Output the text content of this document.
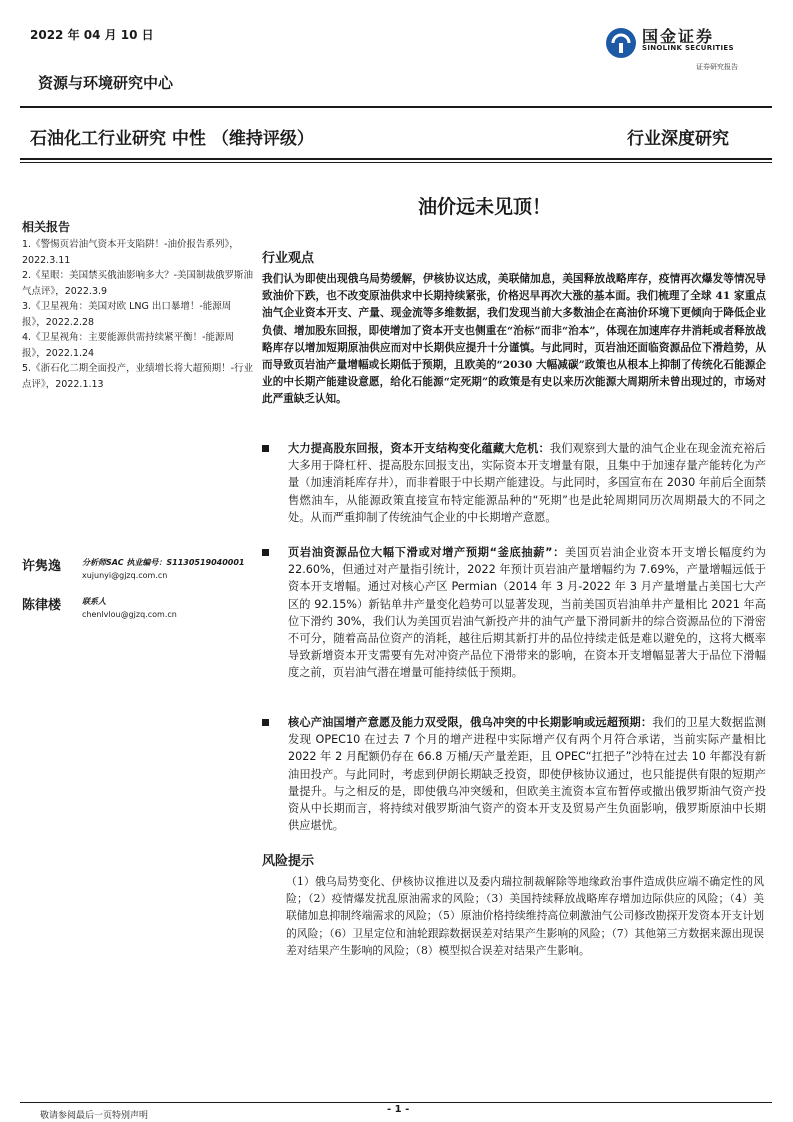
2022 年 04 月 10 日	国金证券
SINOLINK SECURITIES
证券研究报告
资源与环境研究中心
石油化工行业研究 中性 （维持评级）	行业深度研究
油价远未见顶！
相关报告
1.《警惕页岩油气资本开支陷阱！-油价报告系列》，2022.3.11
2.《星眼：美国禁买俄油影响多大？-美国制裁俄罗斯油气点评》，2022.3.9
3.《卫星视角：美国对欧 LNG 出口暴增！-能源周报》，2022.2.28
4.《卫星视角：主要能源供需持续紧平衡！-能源周报》，2022.1.24
5.《浙石化二期全面投产，业绩增长将大超预期！-行业点评》，2022.1.13
许隽逸	分析师SAC 执业编号：S1130519040001
xujunyi@gjzq.com.cn
陈律楼	联系人
chenlvlou@gjzq.com.cn
行业观点
我们认为即使出现俄乌局势缓解，伊核协议达成，美联储加息，美国释放战略库存，疫情再次爆发等情况导致油价下跌，也不改变原油供求中长期持续紧张，价格迟早再次大涨的基本面。我们梳理了全球 41 家重点油气企业资本开支、产量、现金流等多维数据，我们发现当前大多数油企在高油价环境下更倾向于降低企业负债、增加股东回报，即使增加了资本开支也侧重在“治标”而非“治本”，体现在加速库存井消耗或者释放战略库存以增加短期原油供应而对中长期供应提升十分谨慎。与此同时，页岩油还面临资源品位下滑趋势，从而导致页岩油产量增幅或长期低于预期，且欧美的“2030 大幅减碳”政策也从根本上抑制了传统化石能源企业的中长期产能建设意愿，给化石能源“定死期”的政策是有史以来历次能源大周期所未曾出现过的，市场对此严重缺乏认知。
大力提高股东回报，资本开支结构变化蕴藏大危机：我们观察到大量的油气企业在现金流充裕后大多用于降杠杆、提高股东回报支出，实际资本开支增量有限，且集中于加速存量产能转化为产量（加速消耗库存井），而非着眼于中长期产能建设。与此同时，多国宣布在 2030 年前后全面禁售燃油车，从能源政策直接宣布特定能源品种的“死期”也是此轮周期同历次周期最大的不同之处。从而严重抑制了传统油气企业的中长期增产意愿。
页岩油资源品位大幅下滑或对增产预期“釜底抽薪”：美国页岩油企业资本开支增长幅度约为 22.60%，但通过对产量指引统计，2022 年预计页岩油产量增幅约为 7.69%，产量增幅远低于资本开支增幅。通过对核心产区 Permian（2014 年 3 月-2022 年 3 月产量增量占美国七大产区的 92.15%）新钻单井产量变化趋势可以显著发现，当前美国页岩油单井产量相比 2021 年高位下滑约 30%，我们认为美国页岩油气新投产井的油气产量下滑同新井的综合资源品位的下滑密不可分，随着高品位资产的消耗，越往后期其新打井的品位持续走低是难以避免的，这将大概率导致新增资本开支需要有先对冲资产品位下滑带来的影响，在资本开支增幅显著大于品位下滑幅度之前，页岩油气潜在增量可能持续低于预期。
核心产油国增产意愿及能力双受限，俄乌冲突的中长期影响或远超预期：我们的卫星大数据监测发现 OPEC10 在过去 7 个月的增产进程中实际增产仅有两个月符合承诺，当前实际产量相比 2022 年 2 月配额仍存在 66.8 万桶/天产量差距，且 OPEC“扛把子”沙特在过去 10 年都没有新油田投产。与此同时，考虑到伊朗长期缺乏投资，即使伊核协议通过，也只能提供有限的短期产量提升。与之相反的是，即使俄乌冲突缓和，但欧美主流资本宣布暂停或撤出俄罗斯油气资产投资从中长期而言，将持续对俄罗斯油气资产的资本开支及贸易产生负面影响，俄罗斯原油中长期供应堪忧。
风险提示
（1）俄乌局势变化、伊核协议推进以及委内瑞拉制裁解除等地缘政治事件造成供应端不确定性的风险；（2）疫情爆发扰乱原油需求的风险；（3）美国持续释放战略库存增加边际供应的风险；（4）美联储加息抑制终端需求的风险；（5）原油价格持续维持高位刺激油气公司修改勘探开发资本开支计划的风险；（6）卫星定位和油轮跟踪数据误差对结果产生影响的风险；（7）其他第三方数据来源出现误差对结果产生影响的风险；（8）模型拟合误差对结果产生影响。
- 1 -
敬请参阅最后一页特别声明
